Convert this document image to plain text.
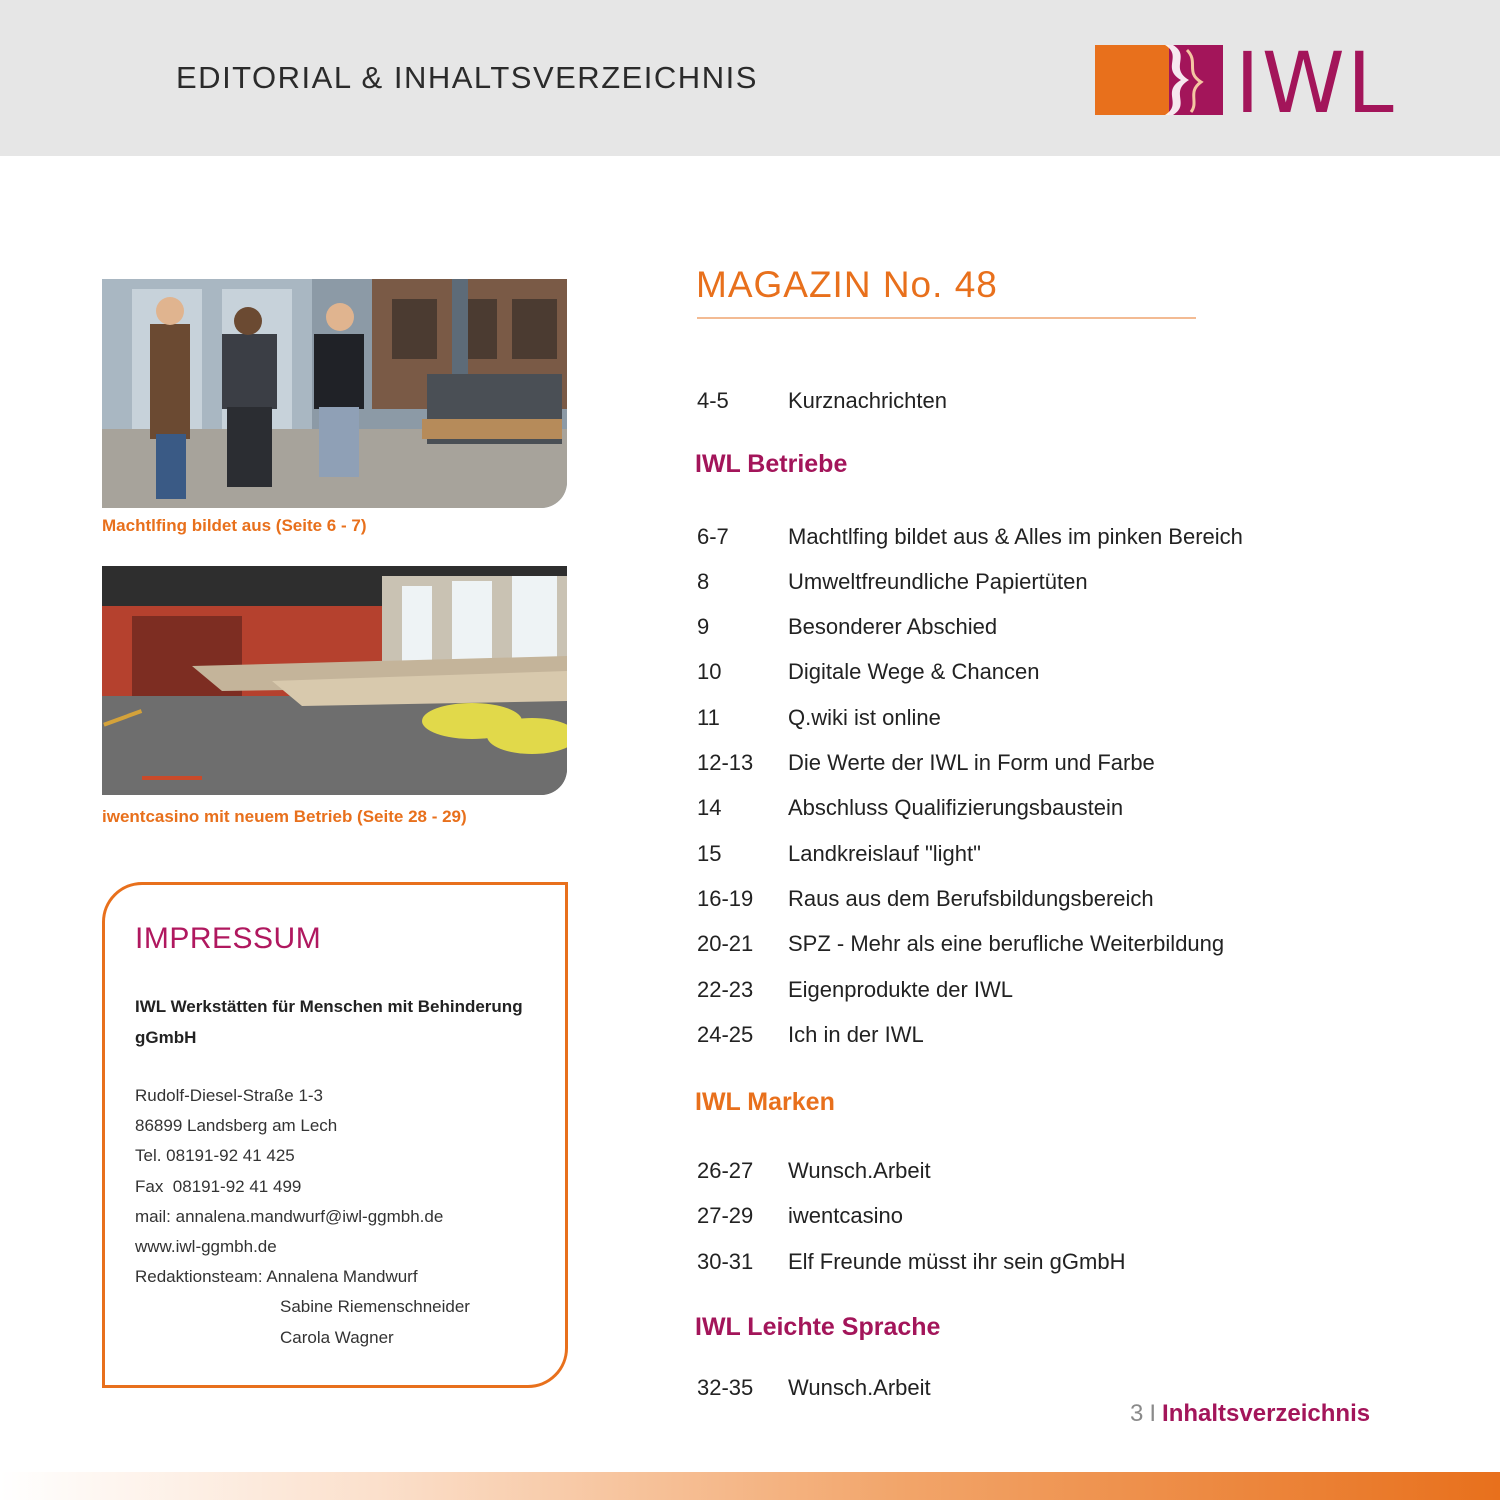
EDITORIAL & INHALTSVERZEICHNIS	IWL
Machtlfing bildet aus (Seite 6 - 7)
iwentcasino mit neuem Betrieb (Seite 28 - 29)
IMPRESSUM
IWL Werkstätten für Menschen mit Behinderung gGmbH
Rudolf-Diesel-Straße 1-3
86899 Landsberg am Lech
Tel. 08191-92 41 425
Fax  08191-92 41 499
mail: annalena.mandwurf@iwl-ggmbh.de
www.iwl-ggmbh.de
Redaktionsteam: Annalena Mandwurf
Sabine Riemenschneider
Carola Wagner
MAGAZIN No. 48
4-5	Kurznachrichten
IWL Betriebe
6-7	Machtlfing bildet aus & Alles im pinken Bereich
8	Umweltfreundliche Papiertüten
9	Besonderer Abschied
10	Digitale Wege & Chancen
11	Q.wiki ist online
12-13 Die Werte der IWL in Form und Farbe
14	Abschluss Qualifizierungsbaustein
15	Landkreislauf "light"
16-19 Raus aus dem Berufsbildungsbereich
20-21 SPZ - Mehr als eine berufliche Weiterbildung
22-23 Eigenprodukte der IWL
24-25 Ich in der IWL
IWL Marken
26-27 Wunsch.Arbeit
27-29 iwentcasino
30-31 Elf Freunde müsst ihr sein gGmbH
IWL Leichte Sprache
32-35 Wunsch.Arbeit
3 I Inhaltsverzeichnis
